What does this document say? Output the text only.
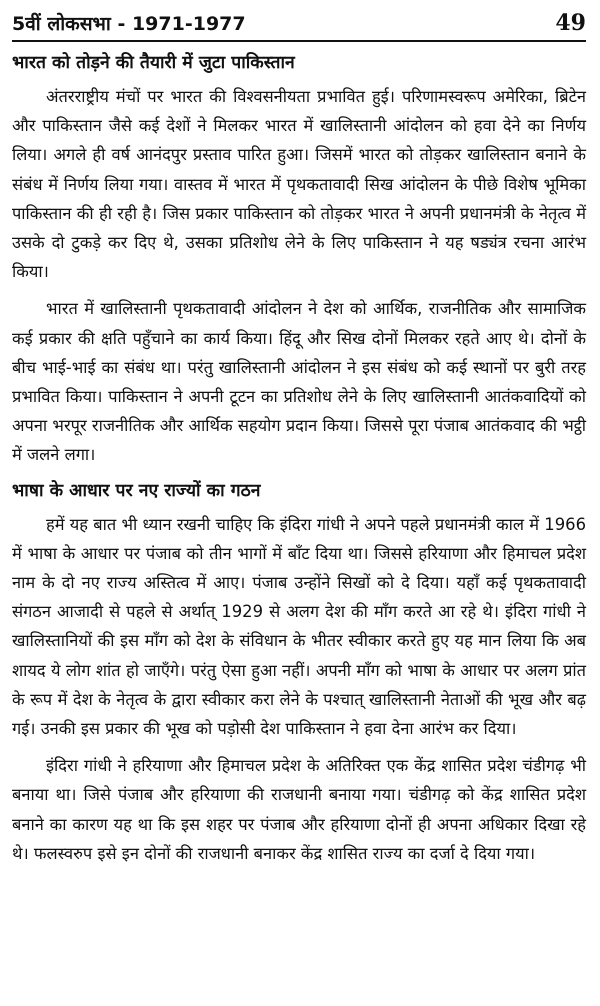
5वीं लोकसभा - 1971-1977	49
भारत को तोड़ने की तैयारी में जुटा पाकिस्तान

अंतरराष्ट्रीय मंचों पर भारत की विश्वसनीयता प्रभावित हुई। परिणामस्वरूप अमेरिका, ब्रिटेन और पाकिस्तान जैसे कई देशों ने मिलकर भारत में खालिस्तानी आंदोलन को हवा देने का निर्णय लिया। अगले ही वर्ष आनंदपुर प्रस्ताव पारित हुआ। जिसमें भारत को तोड़कर खालिस्तान बनाने के संबंध में निर्णय लिया गया। वास्तव में भारत में पृथकतावादी सिख आंदोलन के पीछे विशेष भूमिका पाकिस्तान की ही रही है। जिस प्रकार पाकिस्तान को तोड़कर भारत ने अपनी प्रधानमंत्री के नेतृत्व में उसके दो टुकड़े कर दिए थे, उसका प्रतिशोध लेने के लिए पाकिस्तान ने यह षड्यंत्र रचना आरंभ किया।

भारत में खालिस्तानी पृथकतावादी आंदोलन ने देश को आर्थिक, राजनीतिक और सामाजिक कई प्रकार की क्षति पहुँचाने का कार्य किया। हिंदू और सिख दोनों मिलकर रहते आए थे। दोनों के बीच भाई-भाई का संबंध था। परंतु खालिस्तानी आंदोलन ने इस संबंध को कई स्थानों पर बुरी तरह प्रभावित किया। पाकिस्तान ने अपनी टूटन का प्रतिशोध लेने के लिए खालिस्तानी आतंकवादियों को अपना भरपूर राजनीतिक और आर्थिक सहयोग प्रदान किया। जिससे पूरा पंजाब आतंकवाद की भट्ठी में जलने लगा।

भाषा के आधार पर नए राज्यों का गठन

हमें यह बात भी ध्यान रखनी चाहिए कि इंदिरा गांधी ने अपने पहले प्रधानमंत्री काल में 1966 में भाषा के आधार पर पंजाब को तीन भागों में बाँट दिया था। जिससे हरियाणा और हिमाचल प्रदेश नाम के दो नए राज्य अस्तित्व में आए। पंजाब उन्होंने सिखों को दे दिया। यहाँ कई पृथकतावादी संगठन आजादी से पहले से अर्थात् 1929 से अलग देश की माँग करते आ रहे थे। इंदिरा गांधी ने खालिस्तानियों की इस माँग को देश के संविधान के भीतर स्वीकार करते हुए यह मान लिया कि अब शायद ये लोग शांत हो जाएँगे। परंतु ऐसा हुआ नहीं। अपनी माँग को भाषा के आधार पर अलग प्रांत के रूप में देश के नेतृत्व के द्वारा स्वीकार करा लेने के पश्चात् खालिस्तानी नेताओं की भूख और बढ़ गई। उनकी इस प्रकार की भूख को पड़ोसी देश पाकिस्तान ने हवा देना आरंभ कर दिया।

इंदिरा गांधी ने हरियाणा और हिमाचल प्रदेश के अतिरिक्त एक केंद्र शासित प्रदेश चंडीगढ़ भी बनाया था। जिसे पंजाब और हरियाणा की राजधानी बनाया गया। चंडीगढ़ को केंद्र शासित प्रदेश बनाने का कारण यह था कि इस शहर पर पंजाब और हरियाणा दोनों ही अपना अधिकार दिखा रहे थे। फलस्वरुप इसे इन दोनों की राजधानी बनाकर केंद्र शासित राज्य का दर्जा दे दिया गया।
